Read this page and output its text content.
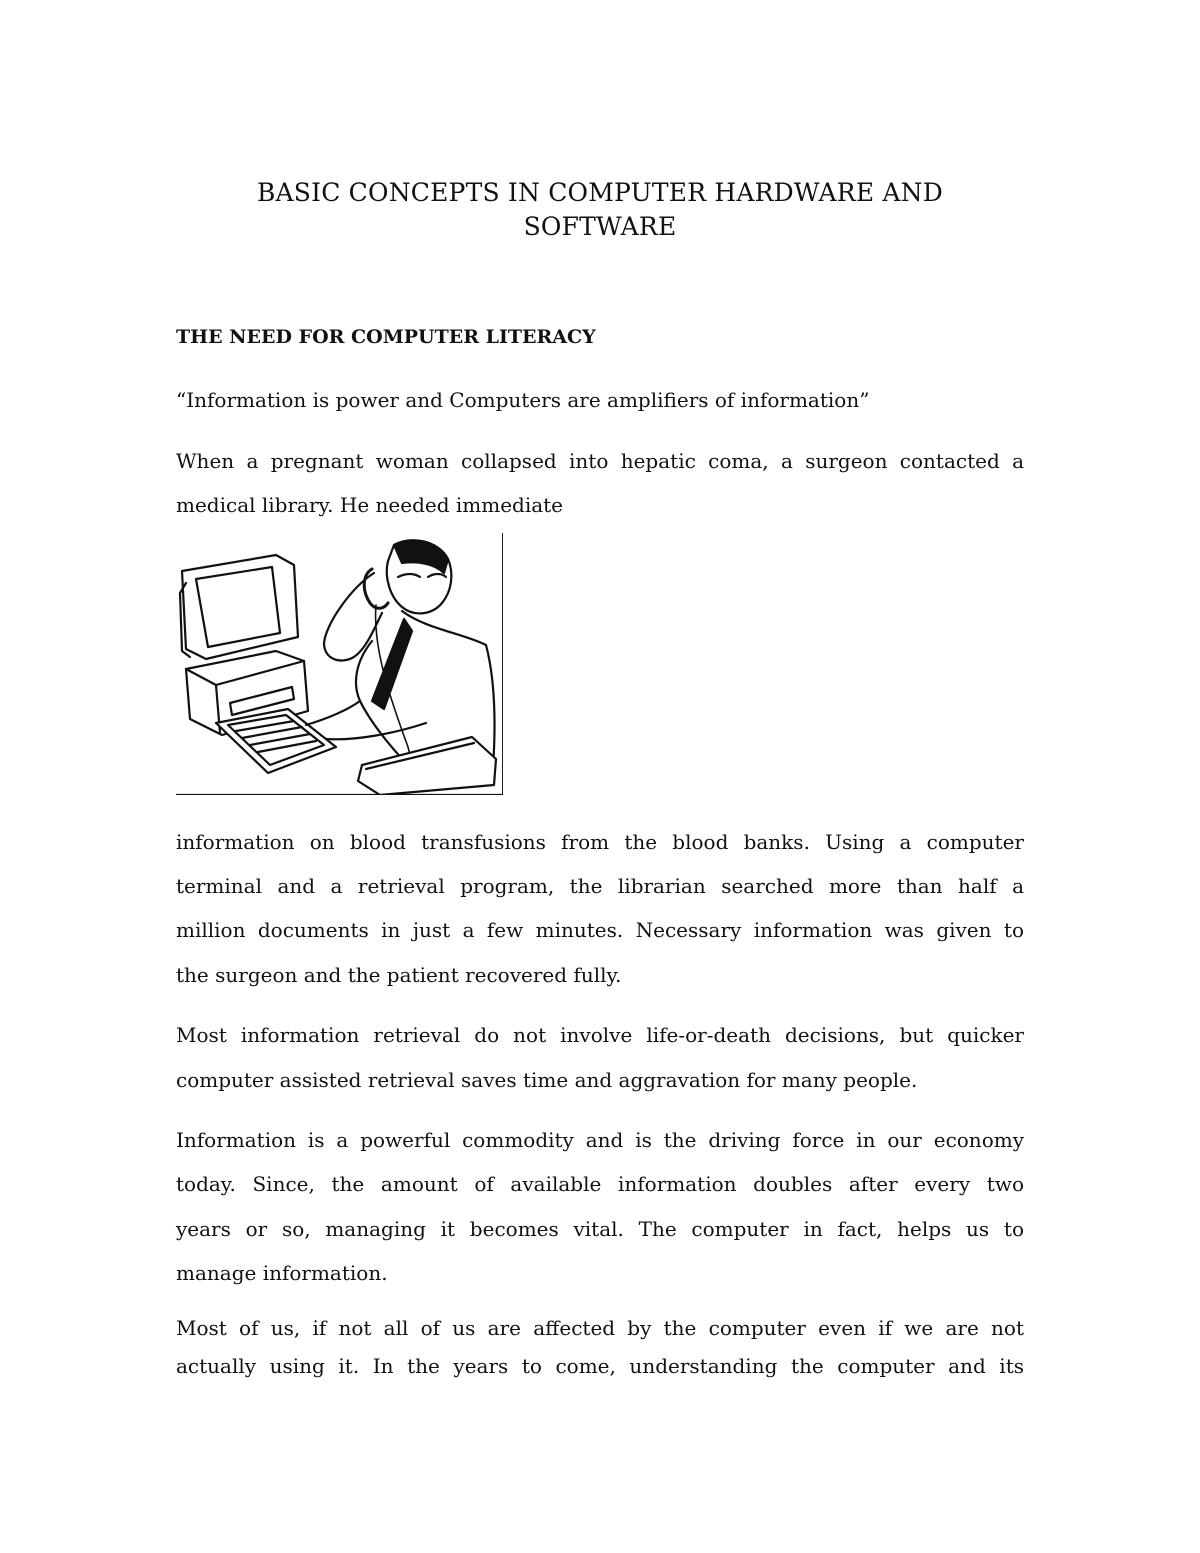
BASIC CONCEPTS IN COMPUTER HARDWARE AND
SOFTWARE
THE NEED FOR COMPUTER LITERACY
“Information is power and Computers are amplifiers of information”
When a pregnant woman collapsed into hepatic coma, a surgeon contacted a
medical library. He needed immediate
information on blood transfusions from the blood banks. Using a computer
terminal and a retrieval program, the librarian searched more than half a
million documents in just a few minutes. Necessary information was given to
the surgeon and the patient recovered fully.
Most information retrieval do not involve life-or-death decisions, but quicker
computer assisted retrieval saves time and aggravation for many people.
Information is a powerful commodity and is the driving force in our economy
today. Since, the amount of available information doubles after every two
years or so, managing it becomes vital. The computer in fact, helps us to
manage information.
Most of us, if not all of us are affected by the computer even if we are not
actually using it. In the years to come, understanding the computer and its
